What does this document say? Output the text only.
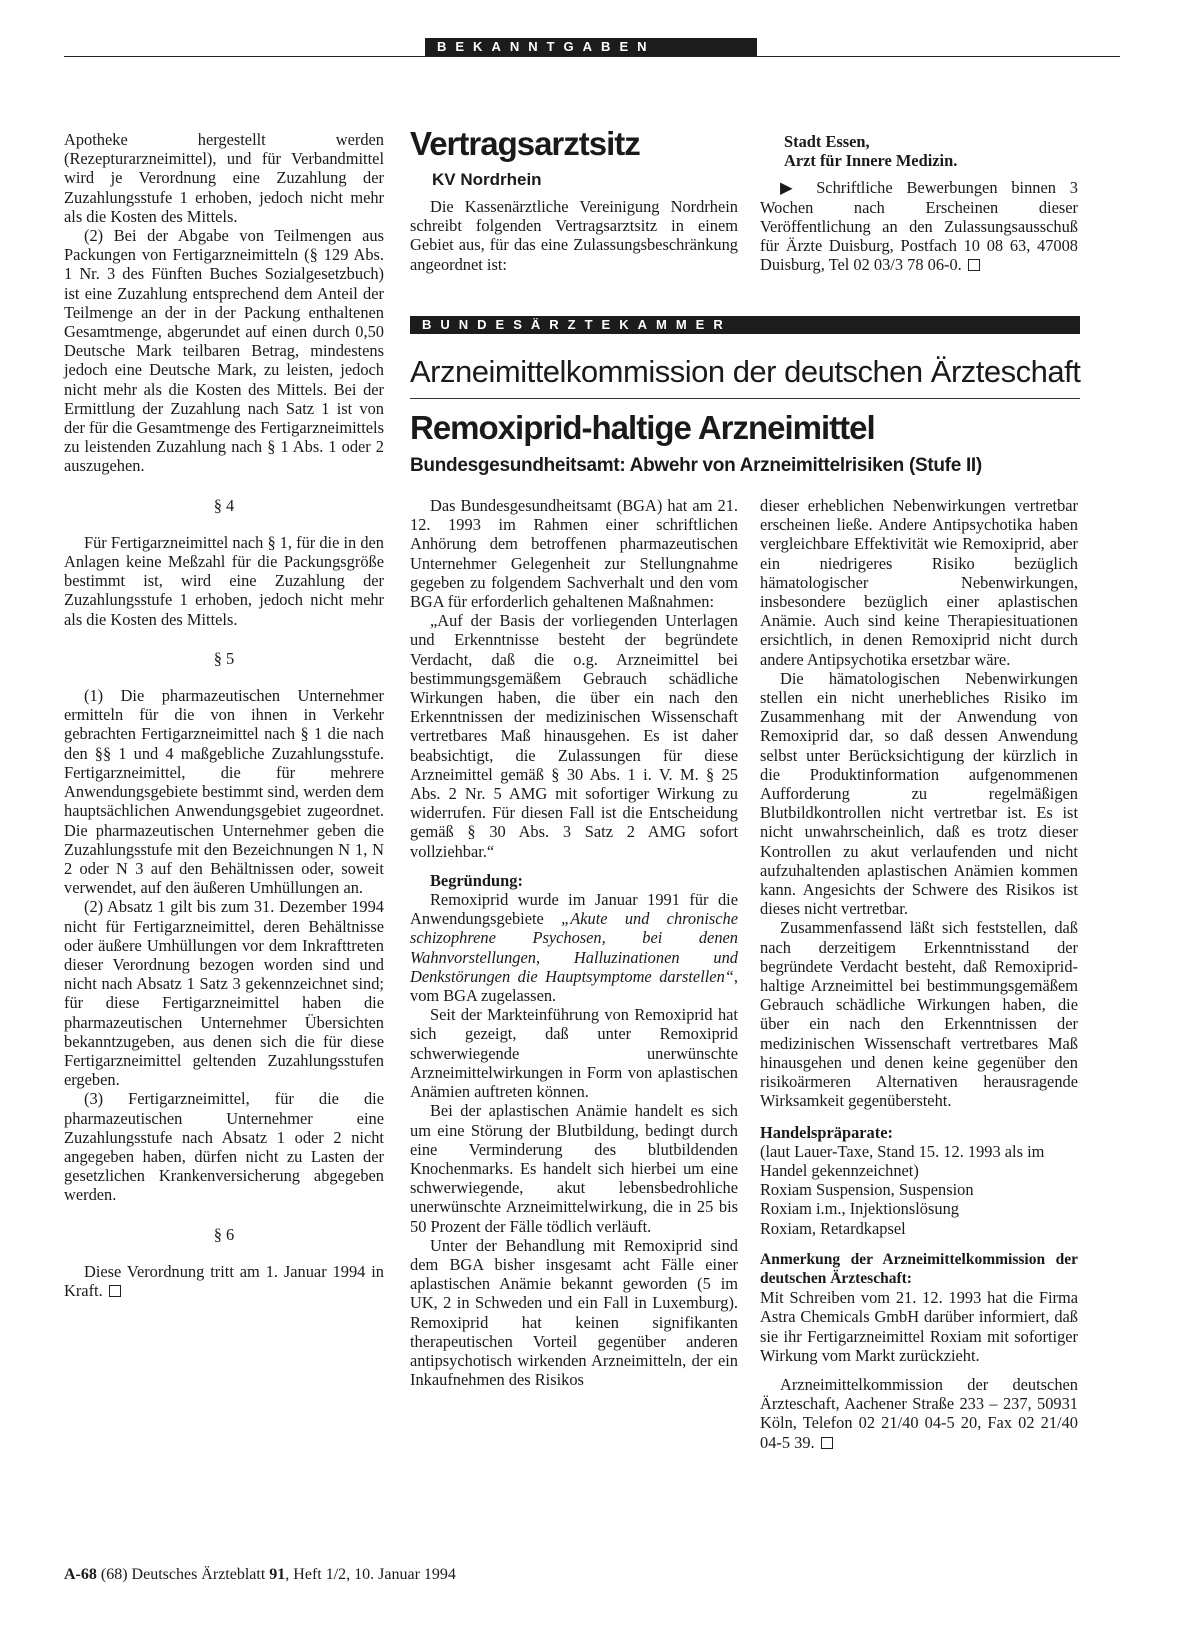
BEKANNTGABEN

Apotheke hergestellt werden (Rezepturarzneimittel), und für Verbandmittel wird je Verordnung eine Zuzahlung der Zuzahlungsstufe 1 erhoben, jedoch nicht mehr als die Kosten des Mittels.

(2) Bei der Abgabe von Teilmengen aus Packungen von Fertigarzneimitteln (§ 129 Abs. 1 Nr. 3 des Fünften Buches Sozialgesetzbuch) ist eine Zuzahlung entsprechend dem Anteil der Teilmenge an der in der Packung enthaltenen Gesamtmenge, abgerundet auf einen durch 0,50 Deutsche Mark teilbaren Betrag, mindestens jedoch eine Deutsche Mark, zu leisten, jedoch nicht mehr als die Kosten des Mittels. Bei der Ermittlung der Zuzahlung nach Satz 1 ist von der für die Gesamtmenge des Fertigarzneimittels zu leistenden Zuzahlung nach § 1 Abs. 1 oder 2 auszugehen.

§ 4

Für Fertigarzneimittel nach § 1, für die in den Anlagen keine Meßzahl für die Packungsgröße bestimmt ist, wird eine Zuzahlung der Zuzahlungsstufe 1 erhoben, jedoch nicht mehr als die Kosten des Mittels.

§ 5

(1) Die pharmazeutischen Unternehmer ermitteln für die von ihnen in Verkehr gebrachten Fertigarzneimittel nach § 1 die nach den §§ 1 und 4 maßgebliche Zuzahlungsstufe. Fertigarzneimittel, die für mehrere Anwendungsgebiete bestimmt sind, werden dem hauptsächlichen Anwendungsgebiet zugeordnet. Die pharmazeutischen Unternehmer geben die Zuzahlungsstufe mit den Bezeichnungen N 1, N 2 oder N 3 auf den Behältnissen oder, soweit verwendet, auf den äußeren Umhüllungen an.

(2) Absatz 1 gilt bis zum 31. Dezember 1994 nicht für Fertigarzneimittel, deren Behältnisse oder äußere Umhüllungen vor dem Inkrafttreten dieser Verordnung bezogen worden sind und nicht nach Absatz 1 Satz 3 gekennzeichnet sind; für diese Fertigarzneimittel haben die pharmazeutischen Unternehmer Übersichten bekanntzugeben, aus denen sich die für diese Fertigarzneimittel geltenden Zuzahlungsstufen ergeben.

(3) Fertigarzneimittel, für die die pharmazeutischen Unternehmer eine Zuzahlungsstufe nach Absatz 1 oder 2 nicht angegeben haben, dürfen nicht zu Lasten der gesetzlichen Krankenversicherung abgegeben werden.

§ 6

Diese Verordnung tritt am 1. Januar 1994 in Kraft.

Vertragsarztsitz
KV Nordrhein

Die Kassenärztliche Vereinigung Nordrhein schreibt folgenden Vertragsarztsitz in einem Gebiet aus, für das eine Zulassungsbeschränkung angeordnet ist:

Stadt Essen,
Arzt für Innere Medizin.

▶ Schriftliche Bewerbungen binnen 3 Wochen nach Erscheinen dieser Veröffentlichung an den Zulassungsausschuß für Ärzte Duisburg, Postfach 10 08 63, 47008 Duisburg, Tel 02 03/3 78 06-0.

BUNDESÄRZTEKAMMER
Arzneimittelkommission der deutschen Ärzteschaft
Remoxiprid-haltige Arzneimittel
Bundesgesundheitsamt: Abwehr von Arzneimittelrisiken (Stufe II)

Das Bundesgesundheitsamt (BGA) hat am 21. 12. 1993 im Rahmen einer schriftlichen Anhörung dem betroffenen pharmazeutischen Unternehmer Gelegenheit zur Stellungnahme gegeben zu folgendem Sachverhalt und den vom BGA für erforderlich gehaltenen Maßnahmen:

„Auf der Basis der vorliegenden Unterlagen und Erkenntnisse besteht der begründete Verdacht, daß die o.g. Arzneimittel bei bestimmungsgemäßem Gebrauch schädliche Wirkungen haben, die über ein nach den Erkenntnissen der medizinischen Wissenschaft vertretbares Maß hinausgehen. Es ist daher beabsichtigt, die Zulassungen für diese Arzneimittel gemäß § 30 Abs. 1 i. V. M. § 25 Abs. 2 Nr. 5 AMG mit sofortiger Wirkung zu widerrufen. Für diesen Fall ist die Entscheidung gemäß § 30 Abs. 3 Satz 2 AMG sofort vollziehbar.“

Begründung:

Remoxiprid wurde im Januar 1991 für die Anwendungsgebiete „Akute und chronische schizophrene Psychosen, bei denen Wahnvorstellungen, Halluzinationen und Denkstörungen die Hauptsymptome darstellen“, vom BGA zugelassen.

Seit der Markteinführung von Remoxiprid hat sich gezeigt, daß unter Remoxiprid schwerwiegende unerwünschte Arzneimittelwirkungen in Form von aplastischen Anämien auftreten können.

Bei der aplastischen Anämie handelt es sich um eine Störung der Blutbildung, bedingt durch eine Verminderung des blutbildenden Knochenmarks. Es handelt sich hierbei um eine schwerwiegende, akut lebensbedrohliche unerwünschte Arzneimittelwirkung, die in 25 bis 50 Prozent der Fälle tödlich verläuft.

Unter der Behandlung mit Remoxiprid sind dem BGA bisher insgesamt acht Fälle einer aplastischen Anämie bekannt geworden (5 im UK, 2 in Schweden und ein Fall in Luxemburg). Remoxiprid hat keinen signifikanten therapeutischen Vorteil gegenüber anderen antipsychotisch wirkenden Arzneimitteln, der ein Inkaufnehmen des Risikos

dieser erheblichen Nebenwirkungen vertretbar erscheinen ließe. Andere Antipsychotika haben vergleichbare Effektivität wie Remoxiprid, aber ein niedrigeres Risiko bezüglich hämatologischer Nebenwirkungen, insbesondere bezüglich einer aplastischen Anämie. Auch sind keine Therapiesituationen ersichtlich, in denen Remoxiprid nicht durch andere Antipsychotika ersetzbar wäre.

Die hämatologischen Nebenwirkungen stellen ein nicht unerhebliches Risiko im Zusammenhang mit der Anwendung von Remoxiprid dar, so daß dessen Anwendung selbst unter Berücksichtigung der kürzlich in die Produktinformation aufgenommenen Aufforderung zu regelmäßigen Blutbildkontrollen nicht vertretbar ist. Es ist nicht unwahrscheinlich, daß es trotz dieser Kontrollen zu akut verlaufenden und nicht aufzuhaltenden aplastischen Anämien kommen kann. Angesichts der Schwere des Risikos ist dieses nicht vertretbar.

Zusammenfassend läßt sich feststellen, daß nach derzeitigem Erkenntnisstand der begründete Verdacht besteht, daß Remoxiprid-haltige Arzneimittel bei bestimmungsgemäßem Gebrauch schädliche Wirkungen haben, die über ein nach den Erkenntnissen der medizinischen Wissenschaft vertretbares Maß hinausgehen und denen keine gegenüber den risikoärmeren Alternativen herausragende Wirksamkeit gegenübersteht.

Handelspräparate:

(laut Lauer-Taxe, Stand 15. 12. 1993 als im Handel gekennzeichnet)

Roxiam Suspension, Suspension
Roxiam i.m., Injektionslösung
Roxiam, Retardkapsel
Anmerkung der Arzneimittelkommission der deutschen Ärzteschaft:

Mit Schreiben vom 21. 12. 1993 hat die Firma Astra Chemicals GmbH darüber informiert, daß sie ihr Fertigarzneimittel Roxiam mit sofortiger Wirkung vom Markt zurückzieht.

Arzneimittelkommission der deutschen Ärzteschaft, Aachener Straße 233 – 237, 50931 Köln, Telefon 02 21/40 04-5 20, Fax 02 21/40 04-5 39.

A-68 (68) Deutsches Ärzteblatt 91, Heft 1/2, 10. Januar 1994
